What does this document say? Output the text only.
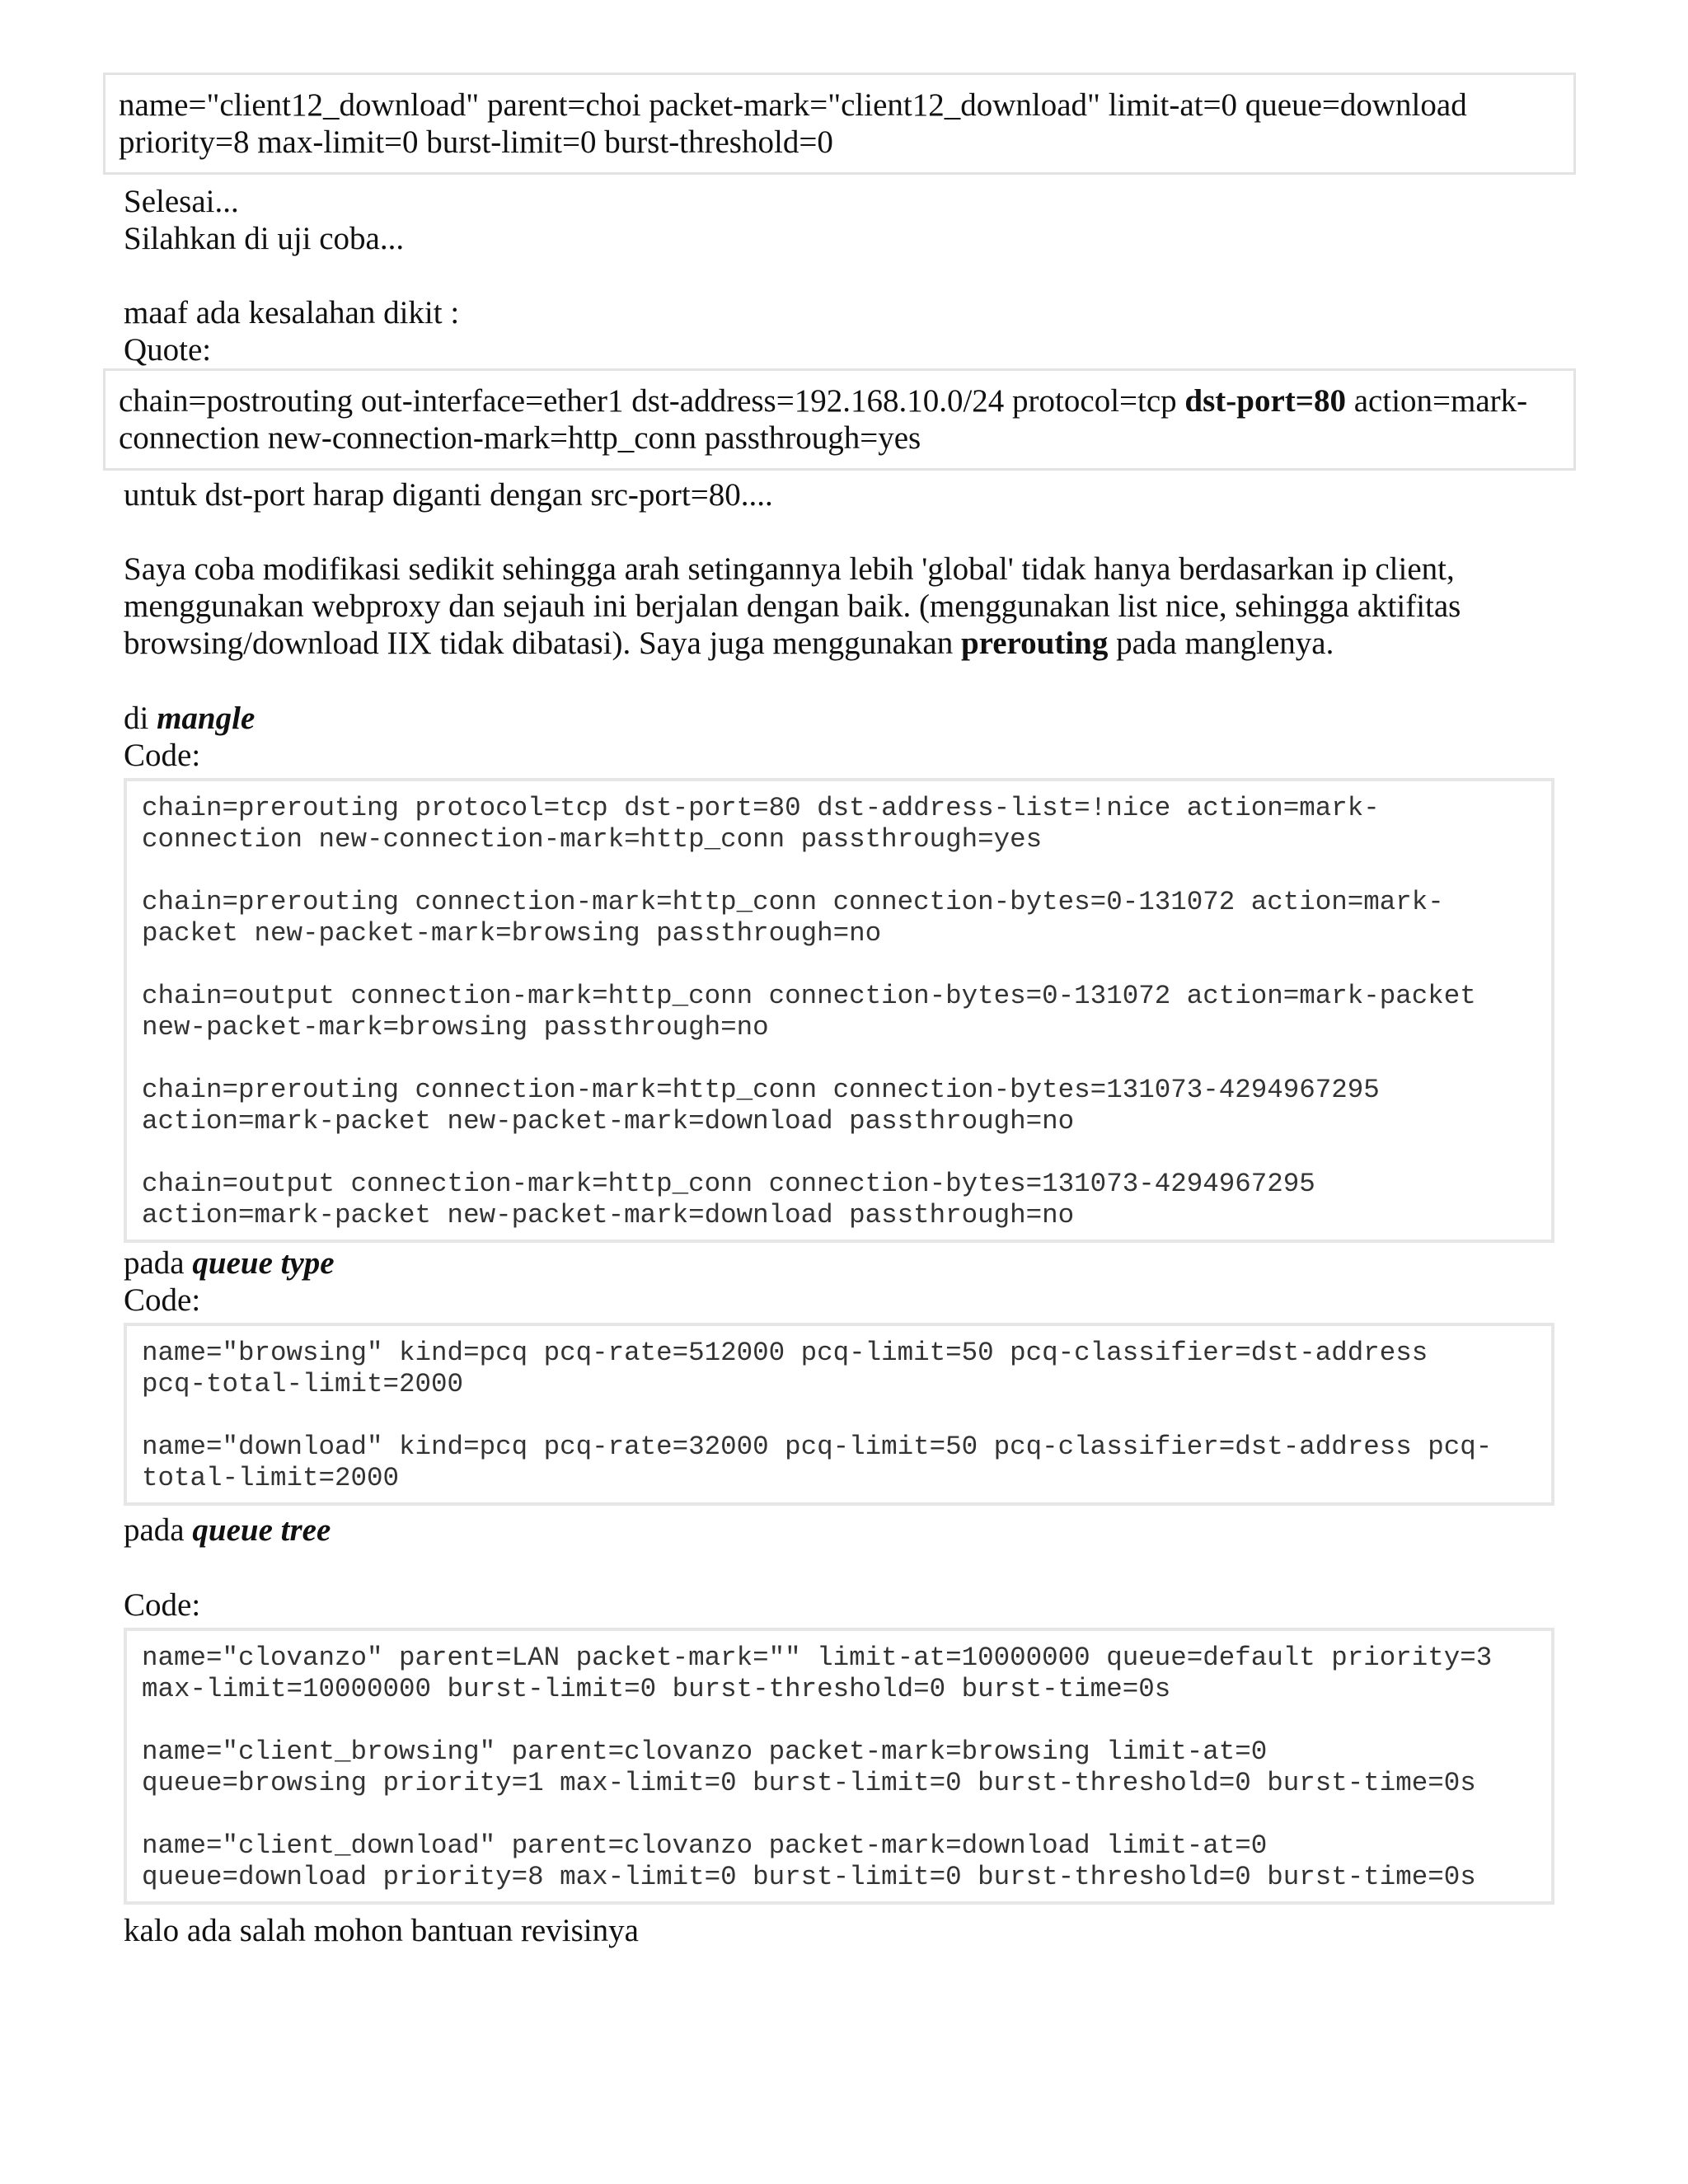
name="client12_download" parent=choi packet-mark="client12_download" limit-at=0 queue=download
priority=8 max-limit=0 burst-limit=0 burst-threshold=0
Selesai...
Silahkan di uji coba...
maaf ada kesalahan dikit :
Quote:
chain=postrouting out-interface=ether1 dst-address=192.168.10.0/24 protocol=tcp dst-port=80 action=mark-
connection new-connection-mark=http_conn passthrough=yes
untuk dst-port harap diganti dengan src-port=80....
Saya coba modifikasi sedikit sehingga arah setingannya lebih 'global' tidak hanya berdasarkan ip client,
menggunakan webproxy dan sejauh ini berjalan dengan baik. (menggunakan list nice, sehingga aktifitas
browsing/download IIX tidak dibatasi). Saya juga menggunakan prerouting pada manglenya.
di mangle
Code:
chain=prerouting protocol=tcp dst-port=80 dst-address-list=!nice action=mark-
connection new-connection-mark=http_conn passthrough=yes
chain=prerouting connection-mark=http_conn connection-bytes=0-131072 action=mark-
packet new-packet-mark=browsing passthrough=no
chain=output connection-mark=http_conn connection-bytes=0-131072 action=mark-packet
new-packet-mark=browsing passthrough=no
chain=prerouting connection-mark=http_conn connection-bytes=131073-4294967295
action=mark-packet new-packet-mark=download passthrough=no
chain=output connection-mark=http_conn connection-bytes=131073-4294967295
action=mark-packet new-packet-mark=download passthrough=no
pada queue type
Code:
name="browsing" kind=pcq pcq-rate=512000 pcq-limit=50 pcq-classifier=dst-address
pcq-total-limit=2000
name="download" kind=pcq pcq-rate=32000 pcq-limit=50 pcq-classifier=dst-address pcq-
total-limit=2000
pada queue tree
Code:
name="clovanzo" parent=LAN packet-mark="" limit-at=10000000 queue=default priority=3
max-limit=10000000 burst-limit=0 burst-threshold=0 burst-time=0s
name="client_browsing" parent=clovanzo packet-mark=browsing limit-at=0
queue=browsing priority=1 max-limit=0 burst-limit=0 burst-threshold=0 burst-time=0s
name="client_download" parent=clovanzo packet-mark=download limit-at=0
queue=download priority=8 max-limit=0 burst-limit=0 burst-threshold=0 burst-time=0s
kalo ada salah mohon bantuan revisinya
